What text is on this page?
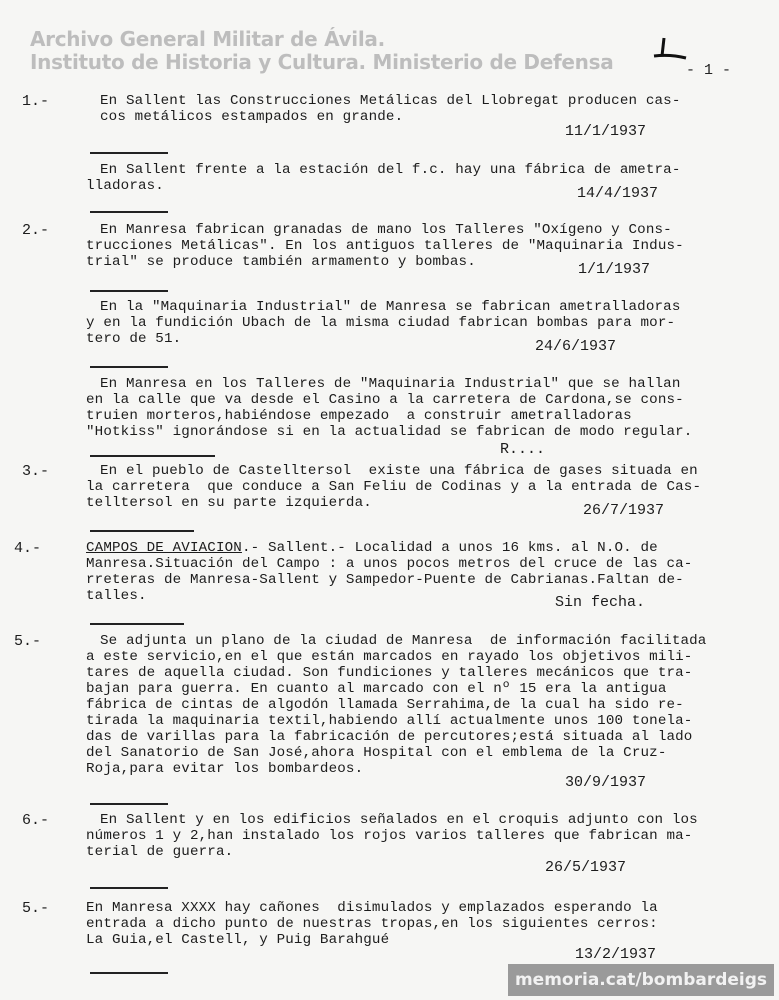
Archivo General Militar de Ávila.
Instituto de Historia y Cultura. Ministerio de Defensa	- 1 -
1.-	En Sallent las Construcciones Metálicas del Llobregat producen cas-
cos metálicos estampados en grande.
11/1/1937
En Sallent frente a la estación del f.c. hay una fábrica de ametra-
lladoras.	14/4/1937
2.-	En Manresa fabrican granadas de mano los Talleres "Oxígeno y Cons-
trucciones Metálicas". En los antiguos talleres de "Maquinaria Indus-
trial" se produce también armamento y bombas.	1/1/1937
En la "Maquinaria Industrial" de Manresa se fabrican ametralladoras
y en la fundición Ubach de la misma ciudad fabrican bombas para mor-
tero de 51.	24/6/1937
En Manresa en los Talleres de "Maquinaria Industrial" que se hallan
en la calle que va desde el Casino a la carretera de Cardona,se cons-
truien morteros,habiéndose empezado  a construir ametralladoras
"Hotkiss" ignorándose si en la actualidad se fabrican de modo regular.
R....
3.-	En el pueblo de Castelltersol  existe una fábrica de gases situada en
la carretera  que conduce a San Feliu de Codinas y a la entrada de Cas-
telltersol en su parte izquierda.	26/7/1937
4.-	CAMPOS DE AVIACION.- Sallent.- Localidad a unos 16 kms. al N.O. de
Manresa.Situación del Campo : a unos pocos metros del cruce de las ca-
rreteras de Manresa-Sallent y Sampedor-Puente de Cabrianas.Faltan de-
talles.	Sin fecha.
5.-	Se adjunta un plano de la ciudad de Manresa  de información facilitada
a este servicio,en el que están marcados en rayado los objetivos mili-
tares de aquella ciudad. Son fundiciones y talleres mecánicos que tra-
bajan para guerra. En cuanto al marcado con el nº 15 era la antigua
fábrica de cintas de algodón llamada Serrahima,de la cual ha sido re-
tirada la maquinaria textil,habiendo allí actualmente unos 100 tonela-
das de varillas para la fabricación de percutores;está situada al lado
del Sanatorio de San José,ahora Hospital con el emblema de la Cruz-
Roja,para evitar los bombardeos.
30/9/1937
6.-	En Sallent y en los edificios señalados en el croquis adjunto con los
números 1 y 2,han instalado los rojos varios talleres que fabrican ma-
terial de guerra.
26/5/1937
5.-	En Manresa XXXX hay cañones  disimulados y emplazados esperando la
entrada a dicho punto de nuestras tropas,en los siguientes cerros:
La Guia,el Castell, y Puig Barahgué
13/2/1937
memoria.cat/bombardeigs
